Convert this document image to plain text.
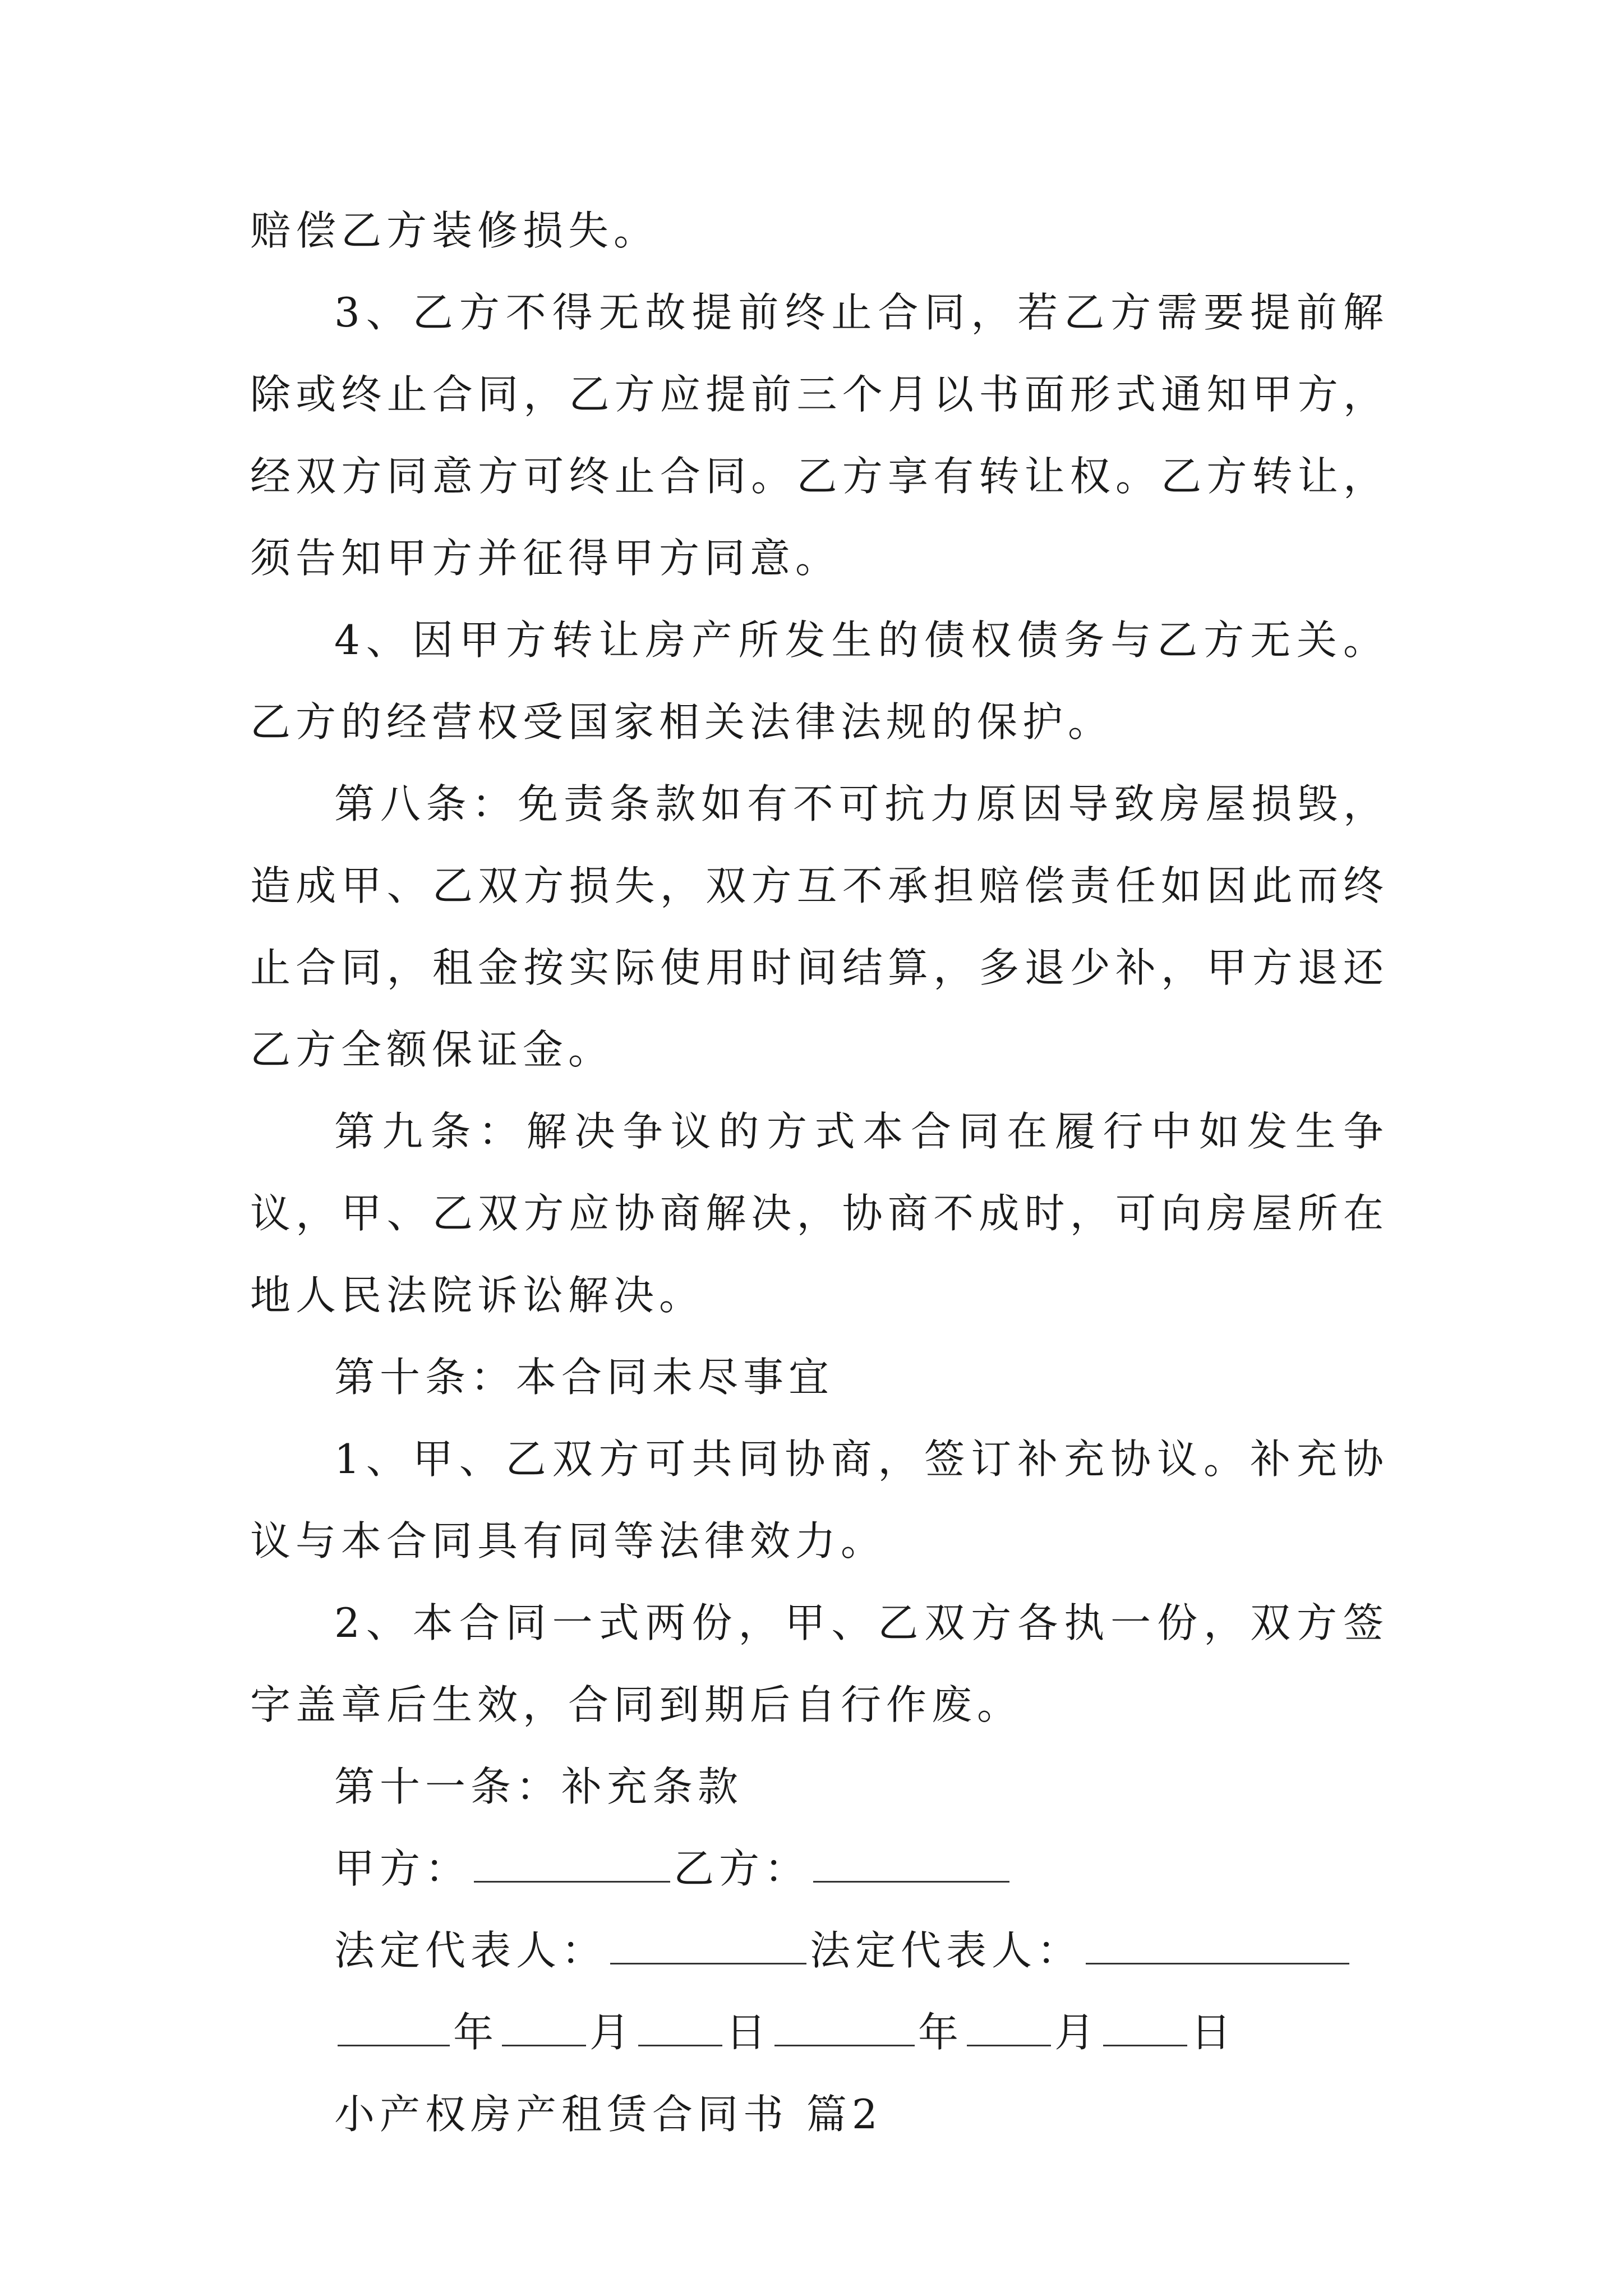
赔偿乙方装修损失。

3、乙方不得无故提前终止合同，若乙方需要提前解除或终止合同，乙方应提前三个月以书面形式通知甲方，经双方同意方可终止合同。乙方享有转让权。乙方转让，须告知甲方并征得甲方同意。

4、因甲方转让房产所发生的债权债务与乙方无关。乙方的经营权受国家相关法律法规的保护。

第八条：免责条款如有不可抗力原因导致房屋损毁，造成甲、乙双方损失，双方互不承担赔偿责任如因此而终止合同，租金按实际使用时间结算，多退少补，甲方退还乙方全额保证金。

第九条：解决争议的方式本合同在履行中如发生争议，甲、乙双方应协商解决，协商不成时，可向房屋所在地人民法院诉讼解决。

第十条：本合同未尽事宜

1、甲、乙双方可共同协商，签订补充协议。补充协议与本合同具有同等法律效力。

2、本合同一式两份，甲、乙双方各执一份，双方签字盖章后生效，合同到期后自行作废。

第十一条：补充条款

甲方：	乙方：

法定代表人：	法定代表人：

年 月 日	年 月 日

小产权房产租赁合同书 篇2
